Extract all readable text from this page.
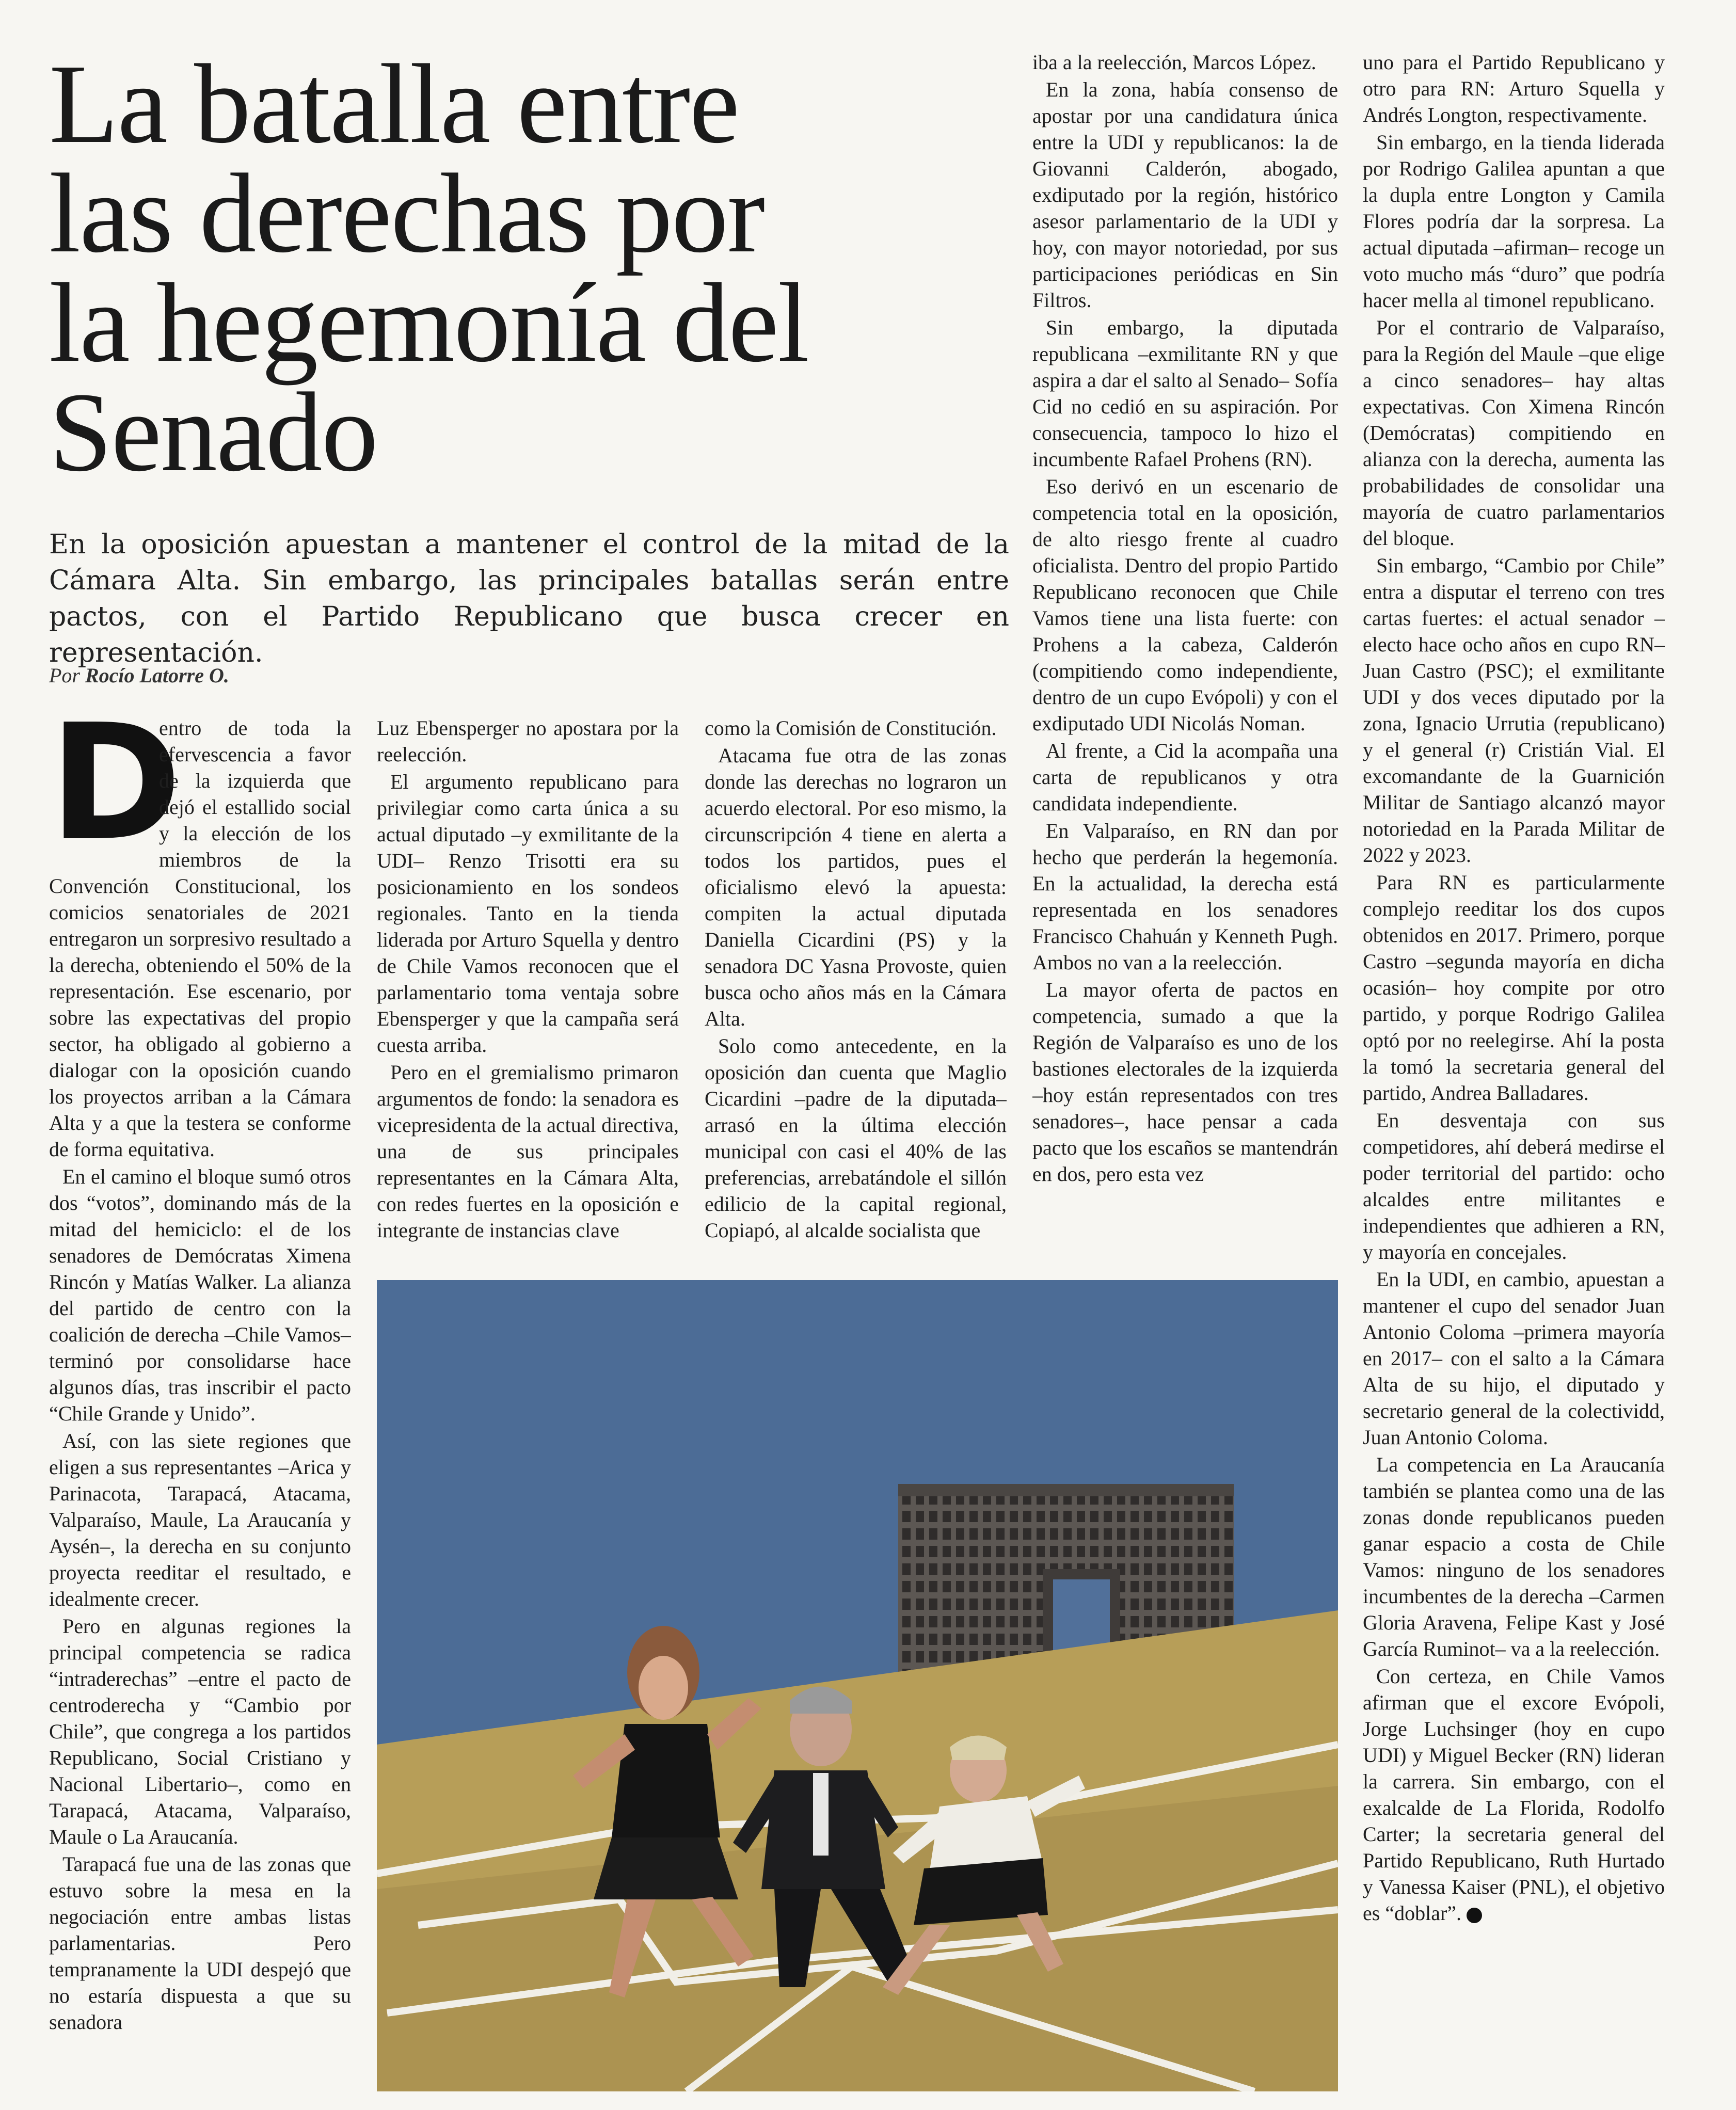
La batalla entre
las derechas por
la hegemonía del
Senado

En la oposición apuestan a mantener el control de la mitad de la Cámara Alta. Sin embargo, las principales batallas serán entre pactos, con el Partido Republicano que busca crecer en representación.

Por Rocío Latorre O.

D

entro de toda la efervescencia a favor de la izquierda que dejó el estallido social y la elección de los miembros de la Convención Constitucional, los comicios senatoriales de 2021 entregaron un sorpresivo resultado a la derecha, obteniendo el 50% de la representación. Ese escenario, por sobre las expectativas del propio sector, ha obligado al gobierno a dialogar con la oposición cuando los proyectos arriban a la Cámara Alta y a que la testera se conforme de forma equitativa.

En el camino el bloque sumó otros dos “votos”, dominando más de la mitad del hemiciclo: el de los senadores de Demócratas Ximena Rincón y Matías Walker. La alianza del partido de centro con la coalición de derecha –Chile Vamos– terminó por consolidarse hace algunos días, tras inscribir el pacto “Chile Grande y Unido”.

Así, con las siete regiones que eligen a sus representantes –Arica y Parinacota, Tarapacá, Atacama, Valparaíso, Maule, La Araucanía y Aysén–, la derecha en su conjunto proyecta reeditar el resultado, e idealmente crecer.

Pero en algunas regiones la principal competencia se radica “intraderechas” –entre el pacto de centroderecha y “Cambio por Chile”, que congrega a los partidos Republicano, Social Cristiano y Nacional Libertario–, como en Tarapacá, Atacama, Valparaíso, Maule o La Araucanía.

Tarapacá fue una de las zonas que estuvo sobre la mesa en la negociación entre ambas listas parlamentarias. Pero tempranamente la UDI despejó que no estaría dispuesta a que su senadora

Luz Ebensperger no apostara por la reelección.

El argumento republicano para privilegiar como carta única a su actual diputado –y exmilitante de la UDI– Renzo Trisotti era su posicionamiento en los sondeos regionales. Tanto en la tienda liderada por Arturo Squella y dentro de Chile Vamos reconocen que el parlamentario toma ventaja sobre Ebensperger y que la campaña será cuesta arriba.

Pero en el gremialismo primaron argumentos de fondo: la senadora es vicepresidenta de la actual directiva, una de sus principales representantes en la Cámara Alta, con redes fuertes en la oposición e integrante de instancias clave

como la Comisión de Constitución.

Atacama fue otra de las zonas donde las derechas no lograron un acuerdo electoral. Por eso mismo, la circunscripción 4 tiene en alerta a todos los partidos, pues el oficialismo elevó la apuesta: compiten la actual diputada Daniella Cicardini (PS) y la senadora DC Yasna Provoste, quien busca ocho años más en la Cámara Alta.

Solo como antecedente, en la oposición dan cuenta que Maglio Cicardini –padre de la diputada– arrasó en la última elección municipal con casi el 40% de las preferencias, arrebatándole el sillón edilicio de la capital regional, Copiapó, al alcalde socialista que

iba a la reelección, Marcos López.

En la zona, había consenso de apostar por una candidatura única entre la UDI y republicanos: la de Giovanni Calderón, abogado, exdiputado por la región, histórico asesor parlamentario de la UDI y hoy, con mayor notoriedad, por sus participaciones periódicas en Sin Filtros.

Sin embargo, la diputada republicana –exmilitante RN y que aspira a dar el salto al Senado– Sofía Cid no cedió en su aspiración. Por consecuencia, tampoco lo hizo el incumbente Rafael Prohens (RN).

Eso derivó en un escenario de competencia total en la oposición, de alto riesgo frente al cuadro oficialista. Dentro del propio Partido Republicano reconocen que Chile Vamos tiene una lista fuerte: con Prohens a la cabeza, Calderón (compitiendo como independiente, dentro de un cupo Evópoli) y con el exdiputado UDI Nicolás Noman.

Al frente, a Cid la acompaña una carta de republicanos y otra candidata independiente.

En Valparaíso, en RN dan por hecho que perderán la hegemonía. En la actualidad, la derecha está representada en los senadores Francisco Chahuán y Kenneth Pugh. Ambos no van a la reelección.

La mayor oferta de pactos en competencia, sumado a que la Región de Valparaíso es uno de los bastiones electorales de la izquierda –hoy están representados con tres senadores–, hace pensar a cada pacto que los escaños se mantendrán en dos, pero esta vez

uno para el Partido Republicano y otro para RN: Arturo Squella y Andrés Longton, respectivamente.

Sin embargo, en la tienda liderada por Rodrigo Galilea apuntan a que la dupla entre Longton y Camila Flores podría dar la sorpresa. La actual diputada –afirman– recoge un voto mucho más “duro” que podría hacer mella al timonel republicano.

Por el contrario de Valparaíso, para la Región del Maule –que elige a cinco senadores– hay altas expectativas. Con Ximena Rincón (Demócratas) compitiendo en alianza con la derecha, aumenta las probabilidades de consolidar una mayoría de cuatro parlamentarios del bloque.

Sin embargo, “Cambio por Chile” entra a disputar el terreno con tres cartas fuertes: el actual senador –electo hace ocho años en cupo RN– Juan Castro (PSC); el exmilitante UDI y dos veces diputado por la zona, Ignacio Urrutia (republicano) y el general (r) Cristián Vial. El excomandante de la Guarnición Militar de Santiago alcanzó mayor notoriedad en la Parada Militar de 2022 y 2023.

Para RN es particularmente complejo reeditar los dos cupos obtenidos en 2017. Primero, porque Castro –segunda mayoría en dicha ocasión– hoy compite por otro partido, y porque Rodrigo Galilea optó por no reelegirse. Ahí la posta la tomó la secretaria general del partido, Andrea Balladares.

En desventaja con sus competidores, ahí deberá medirse el poder territorial del partido: ocho alcaldes entre militantes e independientes que adhieren a RN, y mayoría en concejales.

En la UDI, en cambio, apuestan a mantener el cupo del senador Juan Antonio Coloma –primera mayoría en 2017– con el salto a la Cámara Alta de su hijo, el diputado y secretario general de la colectividd, Juan Antonio Coloma.

La competencia en La Araucanía también se plantea como una de las zonas donde republicanos pueden ganar espacio a costa de Chile Vamos: ninguno de los senadores incumbentes de la derecha –Carmen Gloria Aravena, Felipe Kast y José García Ruminot– va a la reelección.

Con certeza, en Chile Vamos afirman que el excore Evópoli, Jorge Luchsinger (hoy en cupo UDI) y Miguel Becker (RN) lideran la carrera. Sin embargo, con el exalcalde de La Florida, Rodolfo Carter; la secretaria general del Partido Republicano, Ruth Hurtado y Vanessa Kaiser (PNL), el objetivo es “doblar”.
